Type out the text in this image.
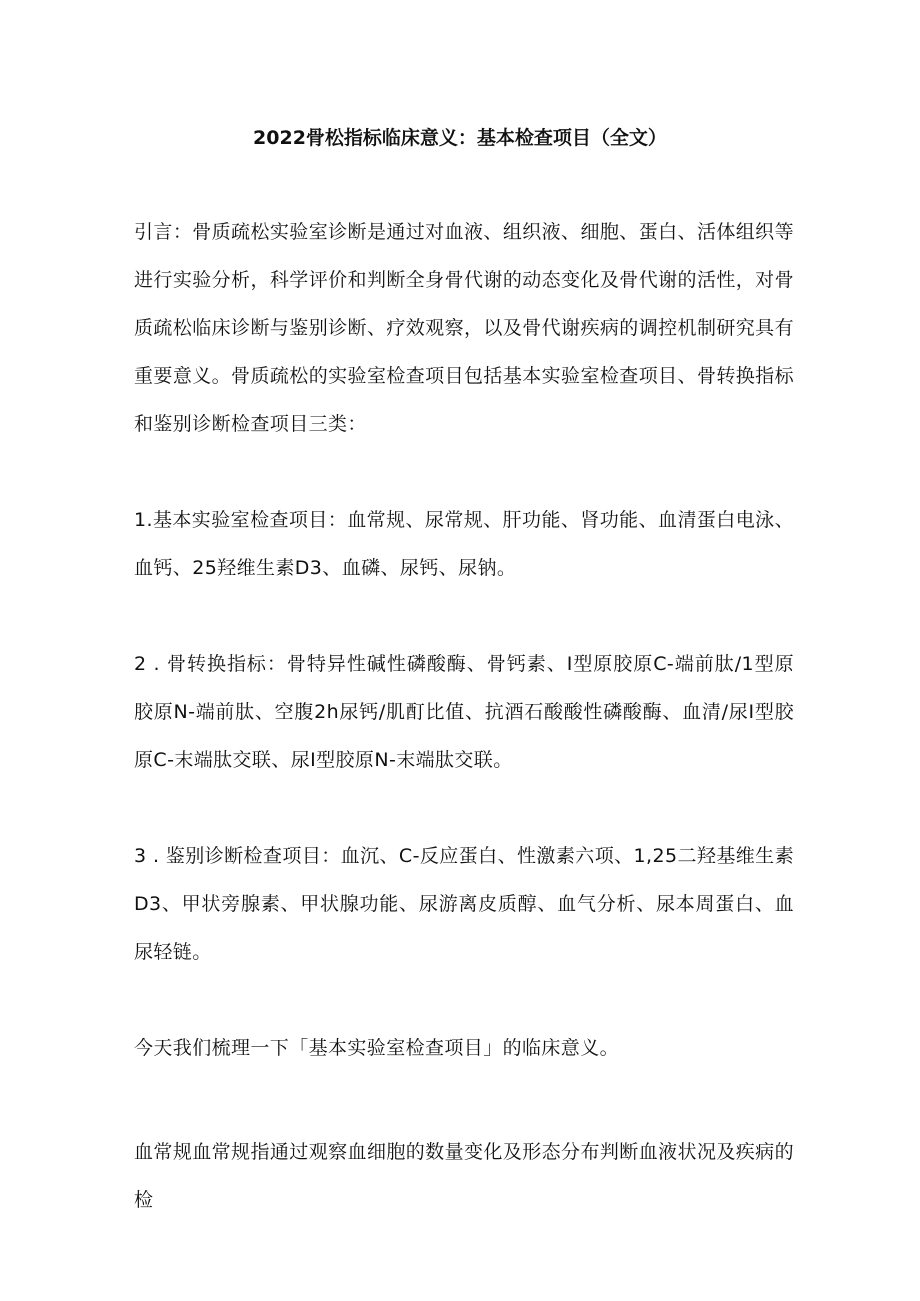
2022骨松指标临床意义：基本检查项目（全文）

引言：骨质疏松实验室诊断是通过对血液、组织液、细胞、蛋白、活体组织等进行实验分析，科学评价和判断全身骨代谢的动态变化及骨代谢的活性，对骨质疏松临床诊断与鉴别诊断、疗效观察，以及骨代谢疾病的调控机制研究具有重要意义。骨质疏松的实验室检查项目包括基本实验室检查项目、骨转换指标和鉴别诊断检查项目三类：

1.基本实验室检查项目：血常规、尿常规、肝功能、肾功能、血清蛋白电泳、血钙、25羟维生素D3、血磷、尿钙、尿钠。

2 . 骨转换指标：骨特异性碱性磷酸酶、骨钙素、I型原胶原C-端前肽/1型原胶原N-端前肽、空腹2h尿钙/肌酊比值、抗酒石酸酸性磷酸酶、血清/尿I型胶原C-末端肽交联、尿I型胶原N-末端肽交联。

3 . 鉴别诊断检查项目：血沉、C-反应蛋白、性激素六项、1,25二羟基维生素D3、甲状旁腺素、甲状腺功能、尿游离皮质醇、血气分析、尿本周蛋白、血尿轻链。

今天我们梳理一下「基本实验室检查项目」的临床意义。

血常规血常规指通过观察血细胞的数量变化及形态分布判断血液状况及疾病的检
